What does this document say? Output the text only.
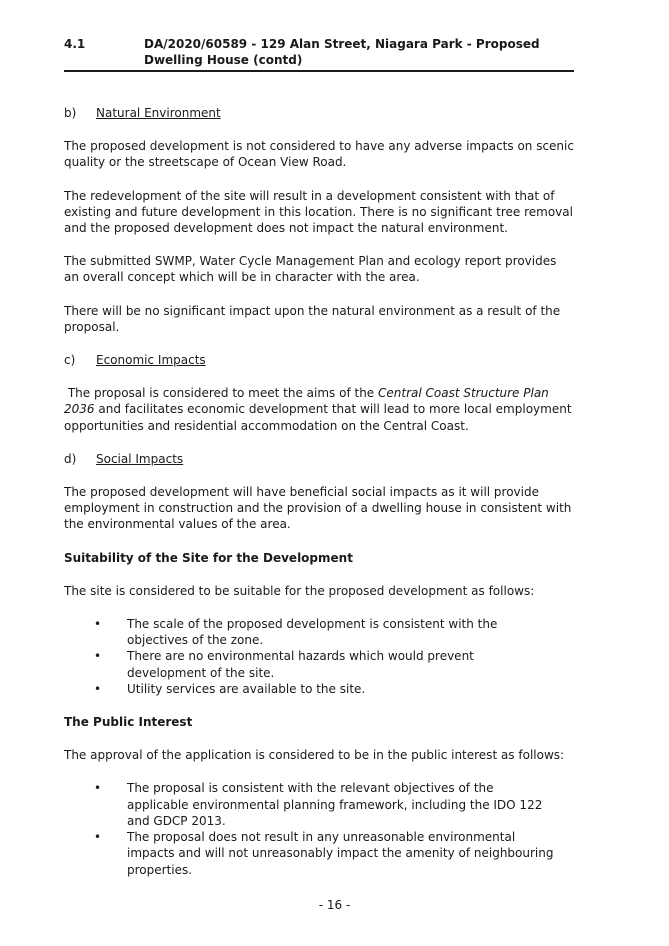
4.1	DA/2020/60589 - 129 Alan Street, Niagara Park - Proposed Dwelling House (contd)
b) Natural Environment

The proposed development is not considered to have any adverse impacts on scenic quality or the streetscape of Ocean View Road.

The redevelopment of the site will result in a development consistent with that of existing and future development in this location. There is no significant tree removal and the proposed development does not impact the natural environment.

The submitted SWMP, Water Cycle Management Plan and ecology report provides an overall concept which will be in character with the area.

There will be no significant impact upon the natural environment as a result of the proposal.

c) Economic Impacts

The proposal is considered to meet the aims of the Central Coast Structure Plan 2036 and facilitates economic development that will lead to more local employment opportunities and residential accommodation on the Central Coast.

d) Social Impacts

The proposed development will have beneficial social impacts as it will provide employment in construction and the provision of a dwelling house in consistent with the environmental values of the area.

Suitability of the Site for the Development

The site is considered to be suitable for the proposed development as follows:

•	The scale of the proposed development is consistent with the objectives of the zone.
•	There are no environmental hazards which would prevent development of the site.
•	Utility services are available to the site.
The Public Interest

The approval of the application is considered to be in the public interest as follows:

•	The proposal is consistent with the relevant objectives of the applicable environmental planning framework, including the IDO 122 and GDCP 2013.
•	The proposal does not result in any unreasonable environmental impacts and will not unreasonably impact the amenity of neighbouring properties.
- 16 -
